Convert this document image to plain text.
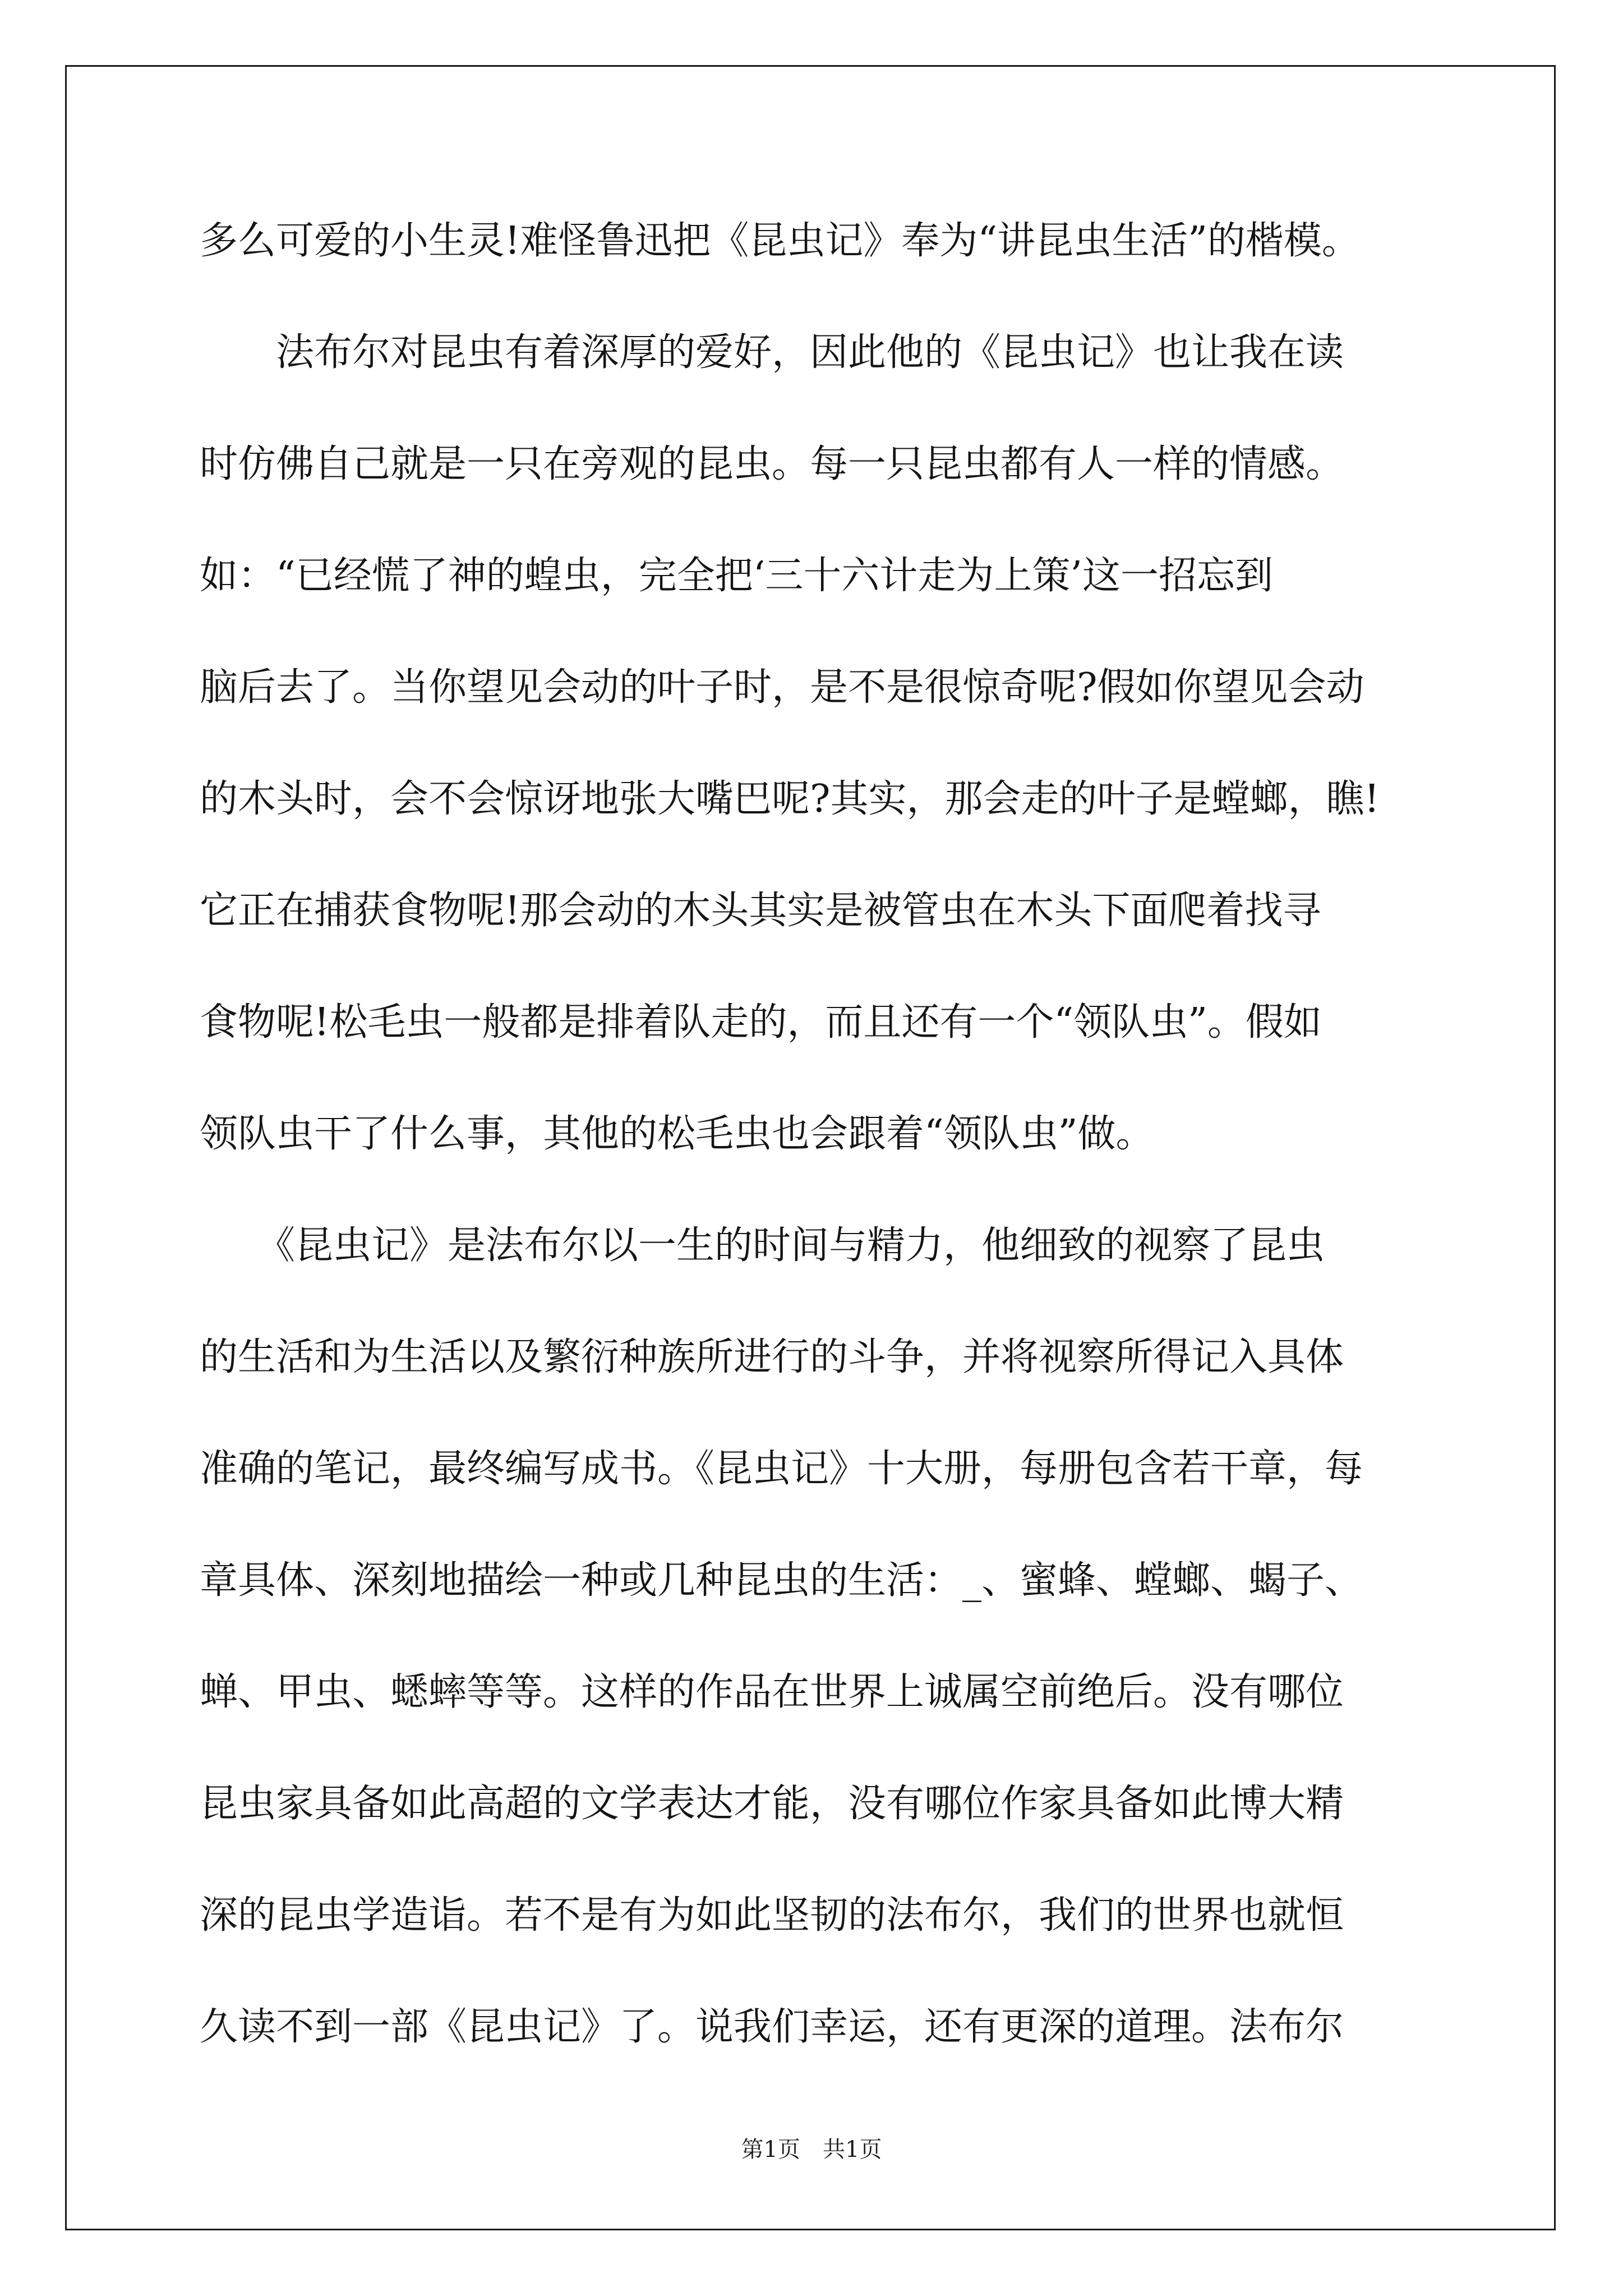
多么可爱的小生灵!难怪鲁迅把《昆虫记》奉为“讲昆虫生活”的楷模。
　　法布尔对昆虫有着深厚的爱好，因此他的《昆虫记》也让我在读
时仿佛自己就是一只在旁观的昆虫。每一只昆虫都有人一样的情感。
如：“已经慌了神的蝗虫，完全把‘三十六计走为上策’这一招忘到
脑后去了。当你望见会动的叶子时，是不是很惊奇呢?假如你望见会动
的木头时，会不会惊讶地张大嘴巴呢?其实，那会走的叶子是螳螂，瞧!
它正在捕获食物呢!那会动的木头其实是被管虫在木头下面爬着找寻
食物呢!松毛虫一般都是排着队走的，而且还有一个“领队虫”。假如
领队虫干了什么事，其他的松毛虫也会跟着“领队虫”做。
　　《昆虫记》是法布尔以一生的时间与精力，他细致的视察了昆虫
的生活和为生活以及繁衍种族所进行的斗争，并将视察所得记入具体
准确的笔记，最终编写成书。《昆虫记》十大册，每册包含若干章，每
章具体、深刻地描绘一种或几种昆虫的生活：_、蜜蜂、螳螂、蝎子、
蝉、甲虫、蟋蟀等等。这样的作品在世界上诚属空前绝后。没有哪位
昆虫家具备如此高超的文学表达才能，没有哪位作家具备如此博大精
深的昆虫学造诣。若不是有为如此坚韧的法布尔，我们的世界也就恒
久读不到一部《昆虫记》了。说我们幸运，还有更深的道理。法布尔
第1页　共1页
